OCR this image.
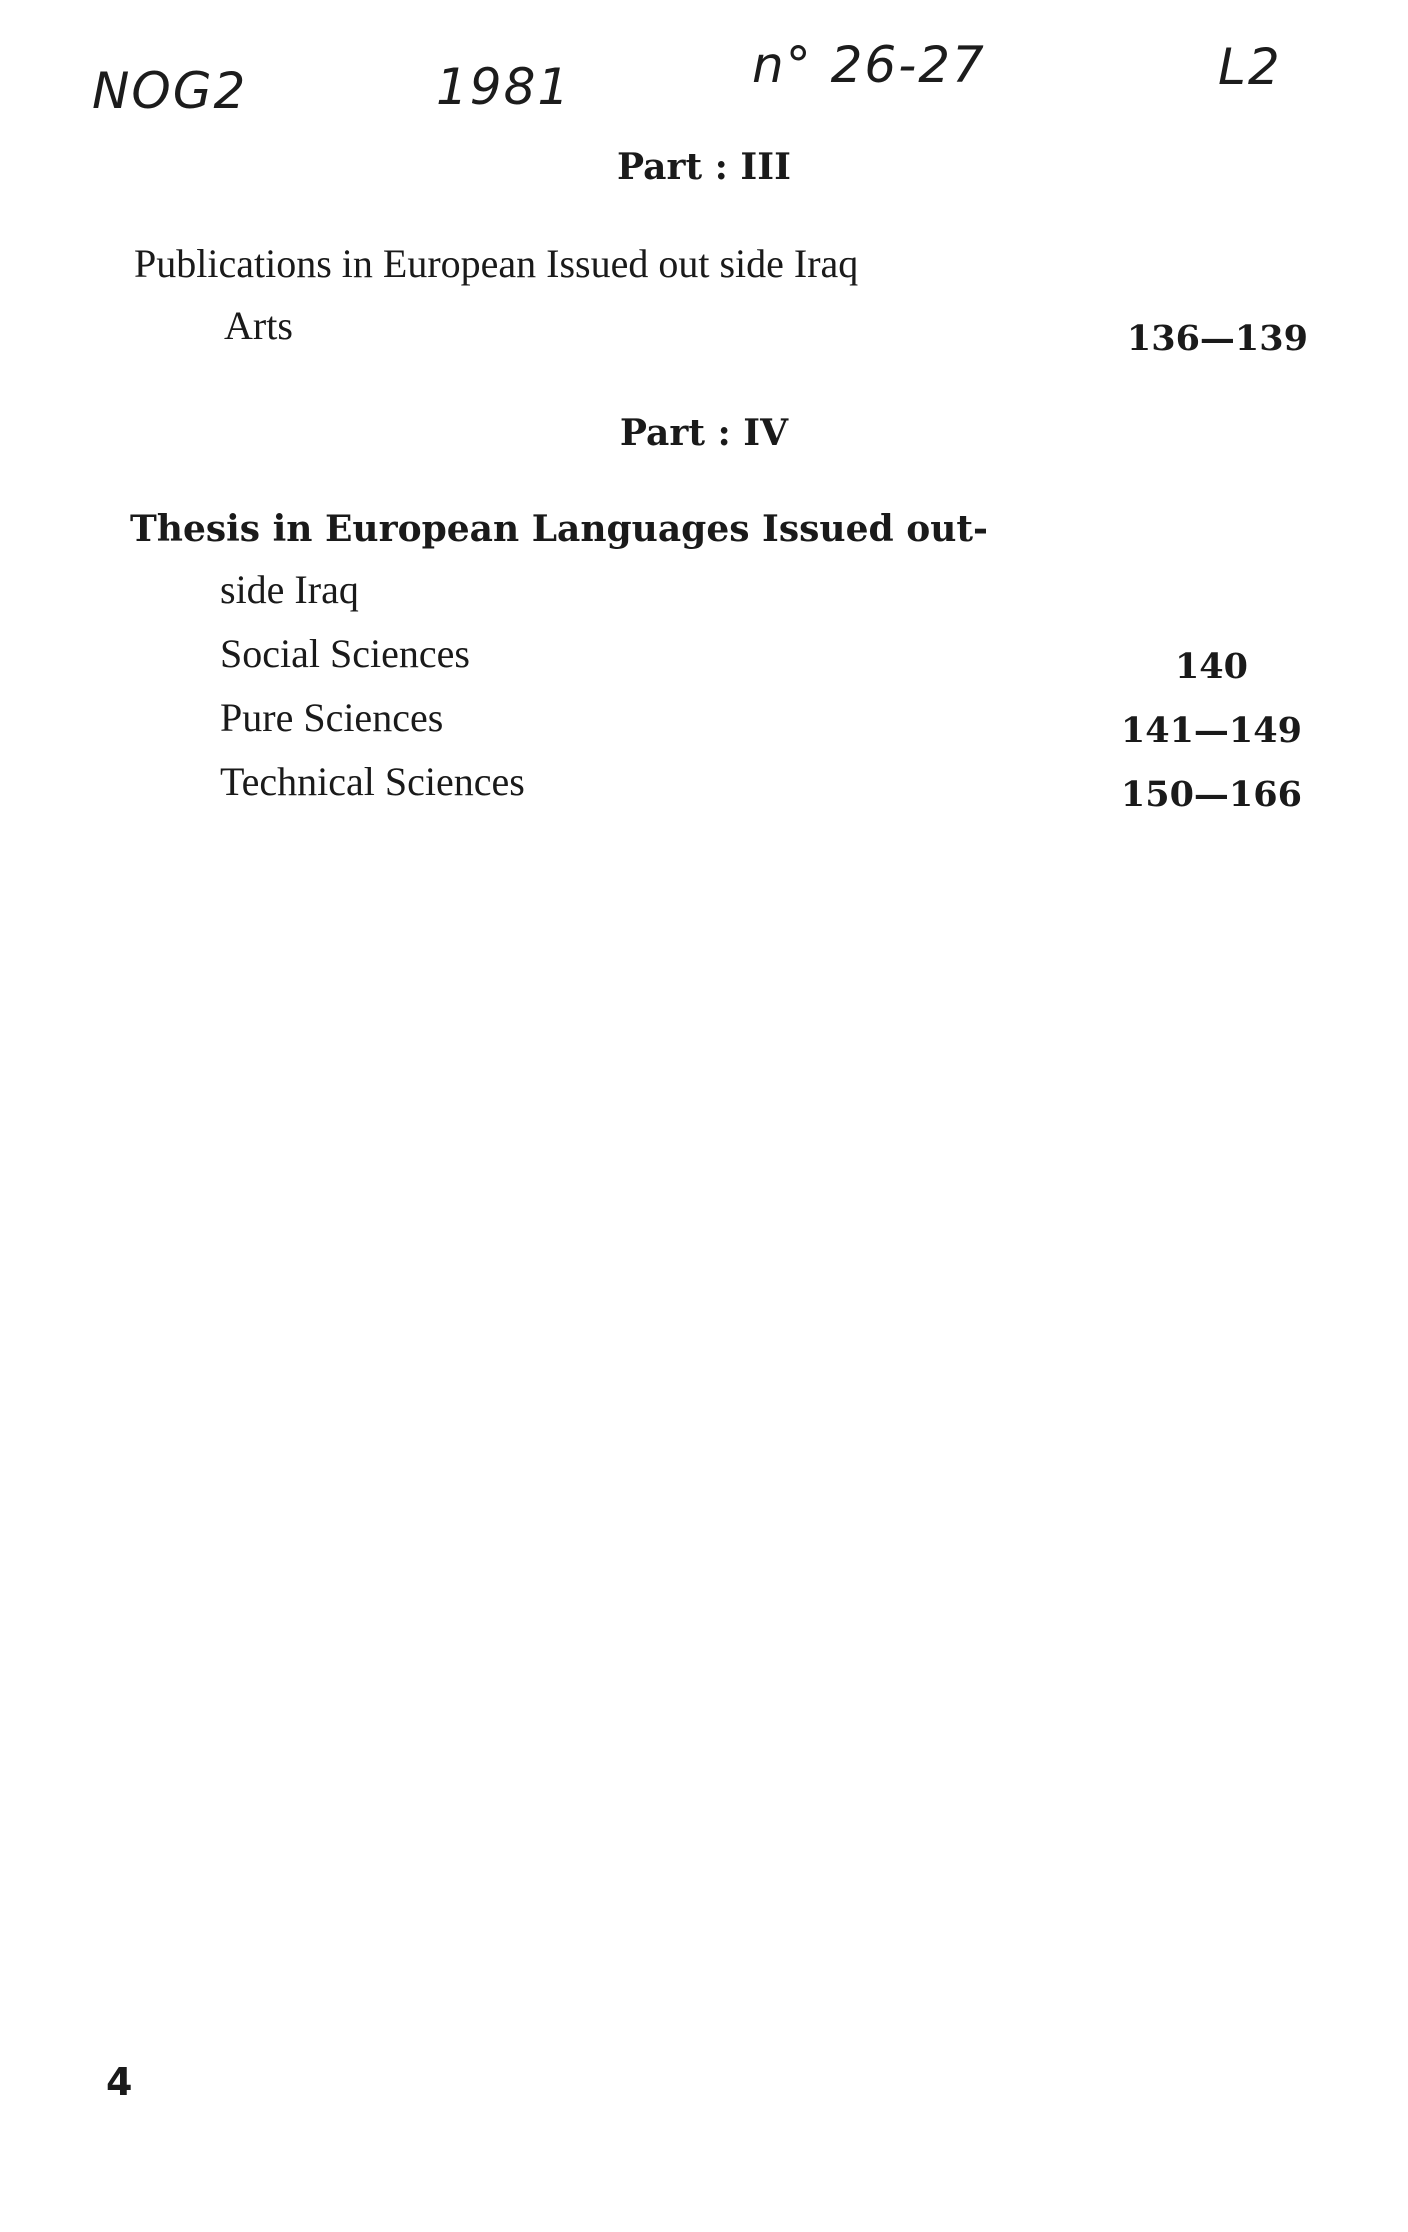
ΝOG2	1981	n° 26-27	L2
Part : III

Publications in European Issued out side Iraq

Arts	136—139
Part : IV

Thesis in European Languages Issued out-

side Iraq

Social Sciences	140

Pure Sciences	141—149

Technical Sciences	150—166
4
